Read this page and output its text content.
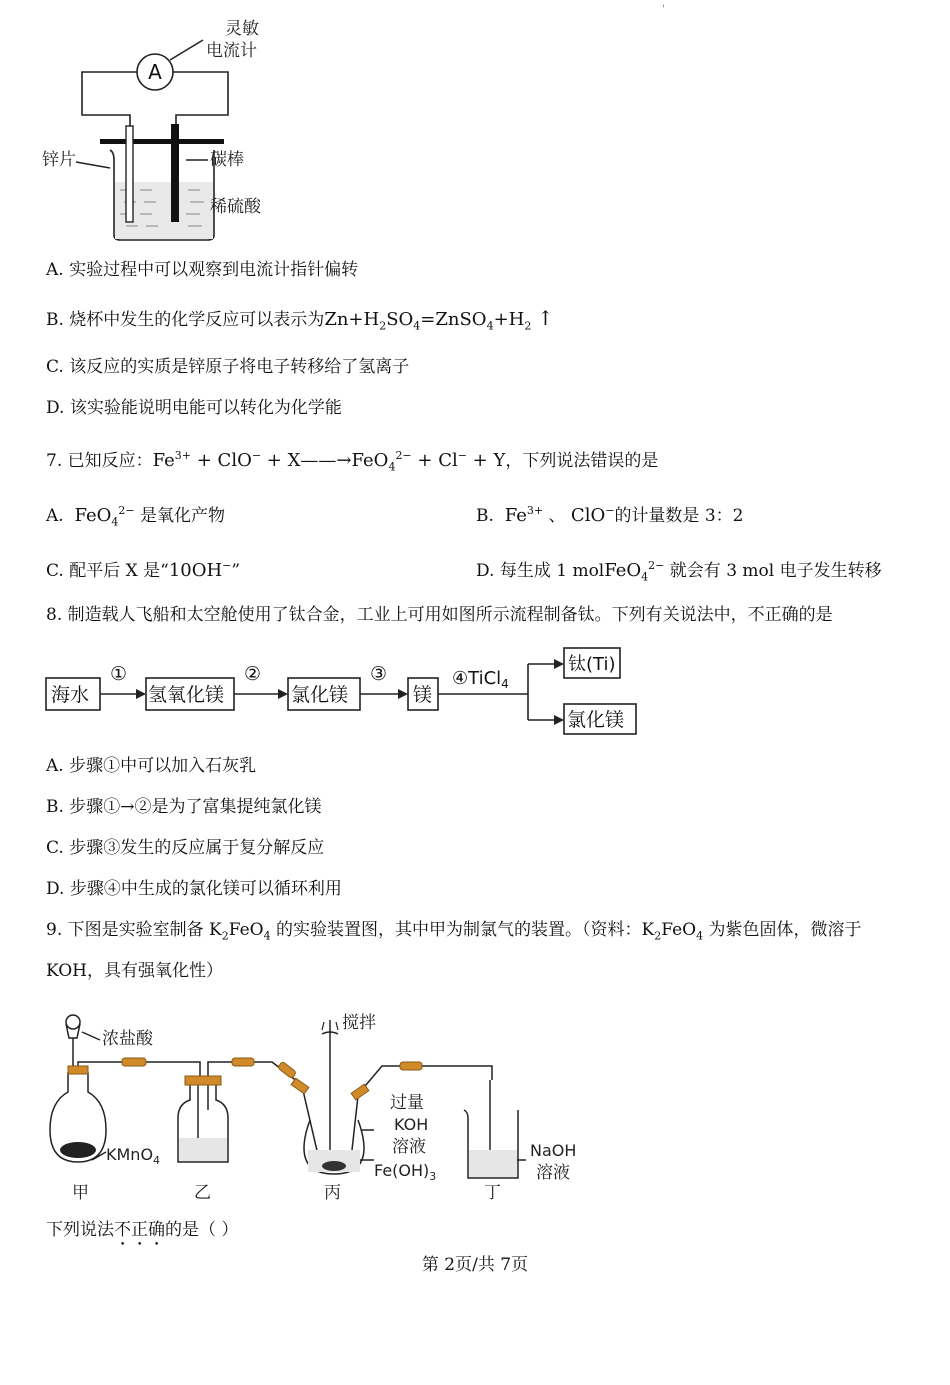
A
灵敏
电流计
锌片	碳棒
稀硫酸
'
A. 实验过程中可以观察到电流计指针偏转
B. 烧杯中发生的化学反应可以表示为$Zn+H_2SO_4=ZnSO_4+H_2$ ↑
C. 该反应的实质是锌原子将电子转移给了氢离子
D. 该实验能说明电能可以转化为化学能
7. 已知反应：$Fe^{3+} + ClO^-$ + X——→FeO$_4^{2-}$ + Cl− + Y，下列说法错误的是
A. FeO$_4^{2-}$ 是氧化产物	B. $Fe^{3+}$ 、 ClO−的计量数是 3：2
C. 配平后 X 是“10OH−”	D. 每生成 1 molFeO$_4^{2-}$ 就会有 3 mol 电子发生转移
8. 制造载人飞船和太空舱使用了钛合金，工业上可用如图所示流程制备钛。下列有关说法中，不正确的是
海水
①
氢氧化镁
②
氯化镁
③
镁
④TiCl$_4$
钛(Ti)
氯化镁
A. 步骤①中可以加入石灰乳
B. 步骤①→②是为了富集提纯氯化镁
C. 步骤③发生的反应属于复分解反应
D. 步骤④中生成的氯化镁可以循环利用
9. 下图是实验室制备 $K_2FeO_4$ 的实验装置图，其中甲为制氯气的装置。（资料：$K_2FeO_4$ 为紫色固体，微溶于
KOH，具有强氧化性）
浓盐酸
KMnO$_4$
搅拌
过量
KOH
溶液
$Fe(OH)_3$
NaOH
溶液
甲	乙	丙	丁
下列说法不正确的是（ ）
第 2页/共 7页
